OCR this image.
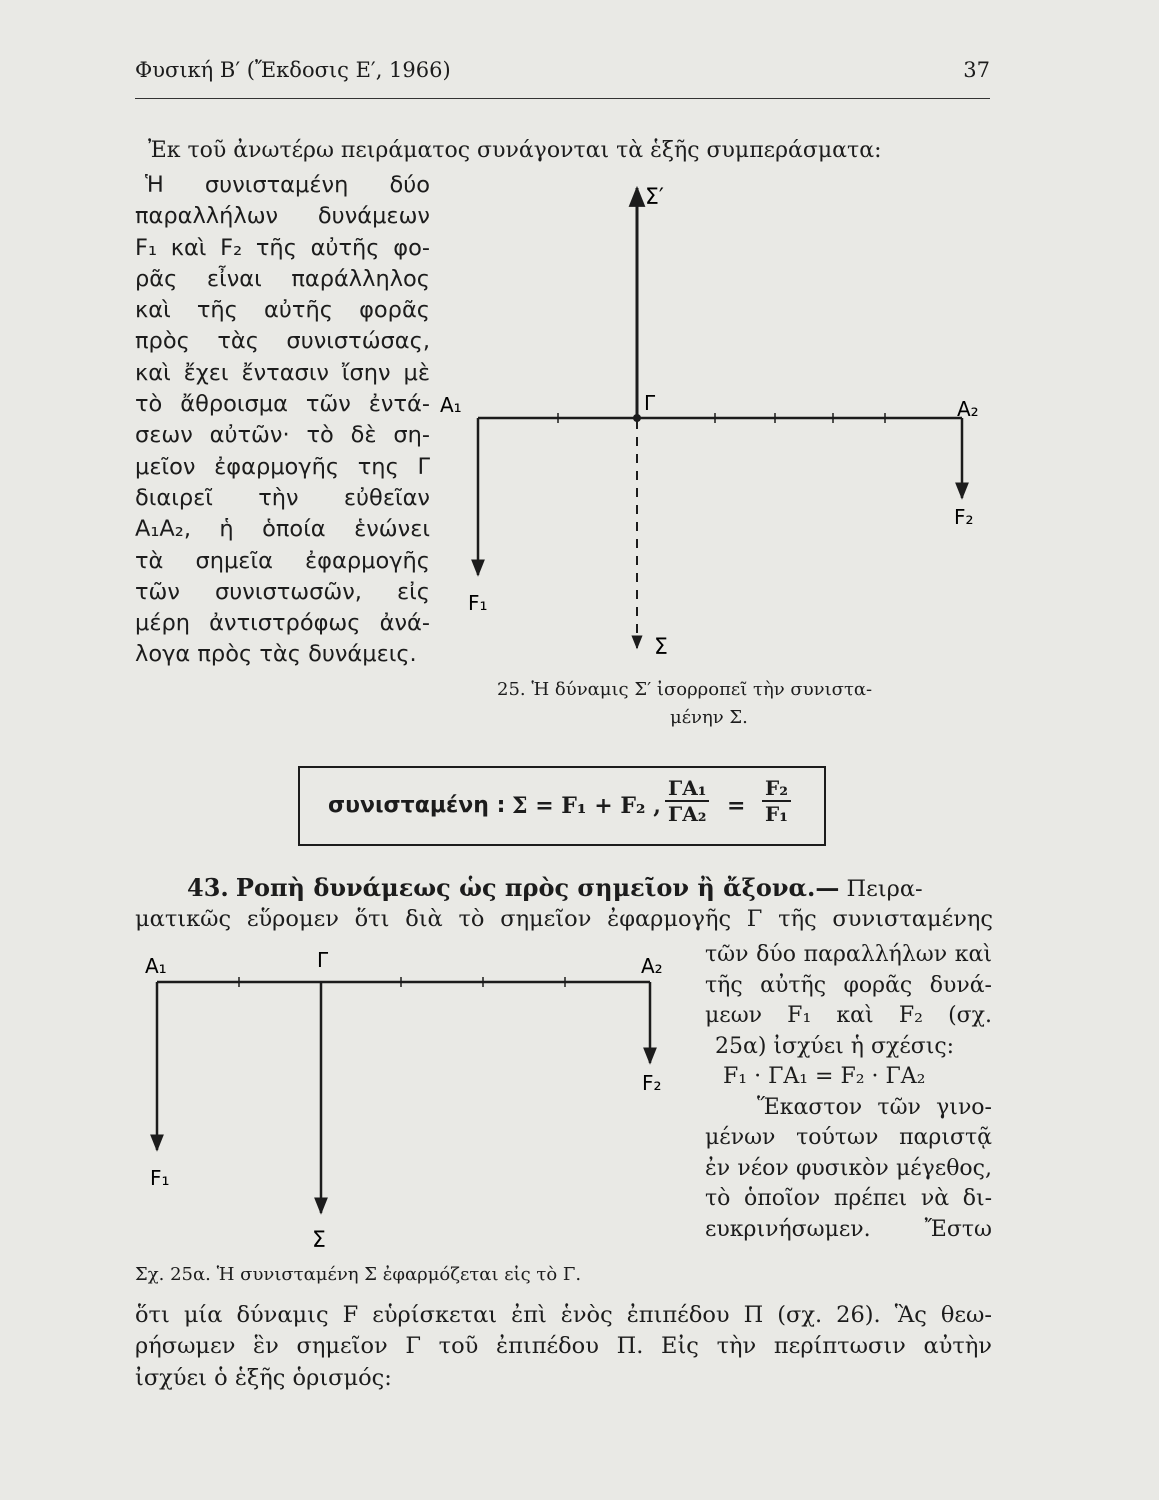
Φυσική Β′ (Ἔκδοσις Ε′, 1966)	37
Ἐκ τοῦ ἀνωτέρω πειράματος συνάγονται τὰ ἑξῆς συμπεράσματα:
Ἡ συνισταμένη δύο
παραλλήλων δυνάμεων
F₁ καὶ F₂ τῆς αὐτῆς φο-
ρᾶς εἶναι παράλληλος
καὶ τῆς αὐτῆς φορᾶς
πρὸς τὰς συνιστώσας,
καὶ ἔχει ἔντασιν ἴσην μὲ
τὸ ἄθροισμα τῶν ἐντά-
σεων αὐτῶν· τὸ δὲ ση-
μεῖον ἐφαρμογῆς της Γ
διαιρεῖ τὴν εὐθεῖαν
Α₁Α₂, ἡ ὁποία ἑνώνει
τὰ σημεῖα ἐφαρμογῆς
τῶν συνιστωσῶν, εἰς
μέρη ἀντιστρόφως ἀνά-
λογα πρὸς τὰς δυνάμεις.
Σ′
Α₁	Γ	Α₂
F₂
F₁
Σ
25. Ἡ δύναμις Σ′ ἰσορροπεῖ τὴν συνιστα-
μένην Σ.
συνισταμένη : Σ = F₁ + F₂ , $\frac{\text{ΓΑ₁}}{\text{ΓΑ₂}} = \frac{\text{F₂}}{\text{F₁}}$
43. Ροπὴ δυνάμεως ὡς πρὸς σημεῖον ἢ ἄξονα.— Πειρα-
ματικῶς εὕρομεν ὅτι διὰ τὸ σημεῖον ἐφαρμογῆς Γ τῆς συνισταμένης
Α₁	Γ	Α₂
F₂
F₁
Σ
τῶν δύο παραλλήλων καὶ
τῆς αὐτῆς φορᾶς δυνά-
μεων F₁ καὶ F₂ (σχ.
25α) ἰσχύει ἡ σχέσις:
F₁ · ΓΑ₁ = F₂ · ΓΑ₂
Ἕκαστον τῶν γινο-
μένων τούτων παριστᾷ
ἐν νέον φυσικὸν μέγεθος,
τὸ ὁποῖον πρέπει νὰ δι-
ευκρινήσωμεν. Ἔστω
Σχ. 25α. Ἡ συνισταμένη Σ ἐφαρμόζεται εἰς τὸ Γ.
ὅτι μία δύναμις F εὑρίσκεται ἐπὶ ἑνὸς ἐπιπέδου Π (σχ. 26). Ἃς θεω-
ρήσωμεν ἓν σημεῖον Γ τοῦ ἐπιπέδου Π. Εἰς τὴν περίπτωσιν αὐτὴν
ἰσχύει ὁ ἑξῆς ὁρισμός:
